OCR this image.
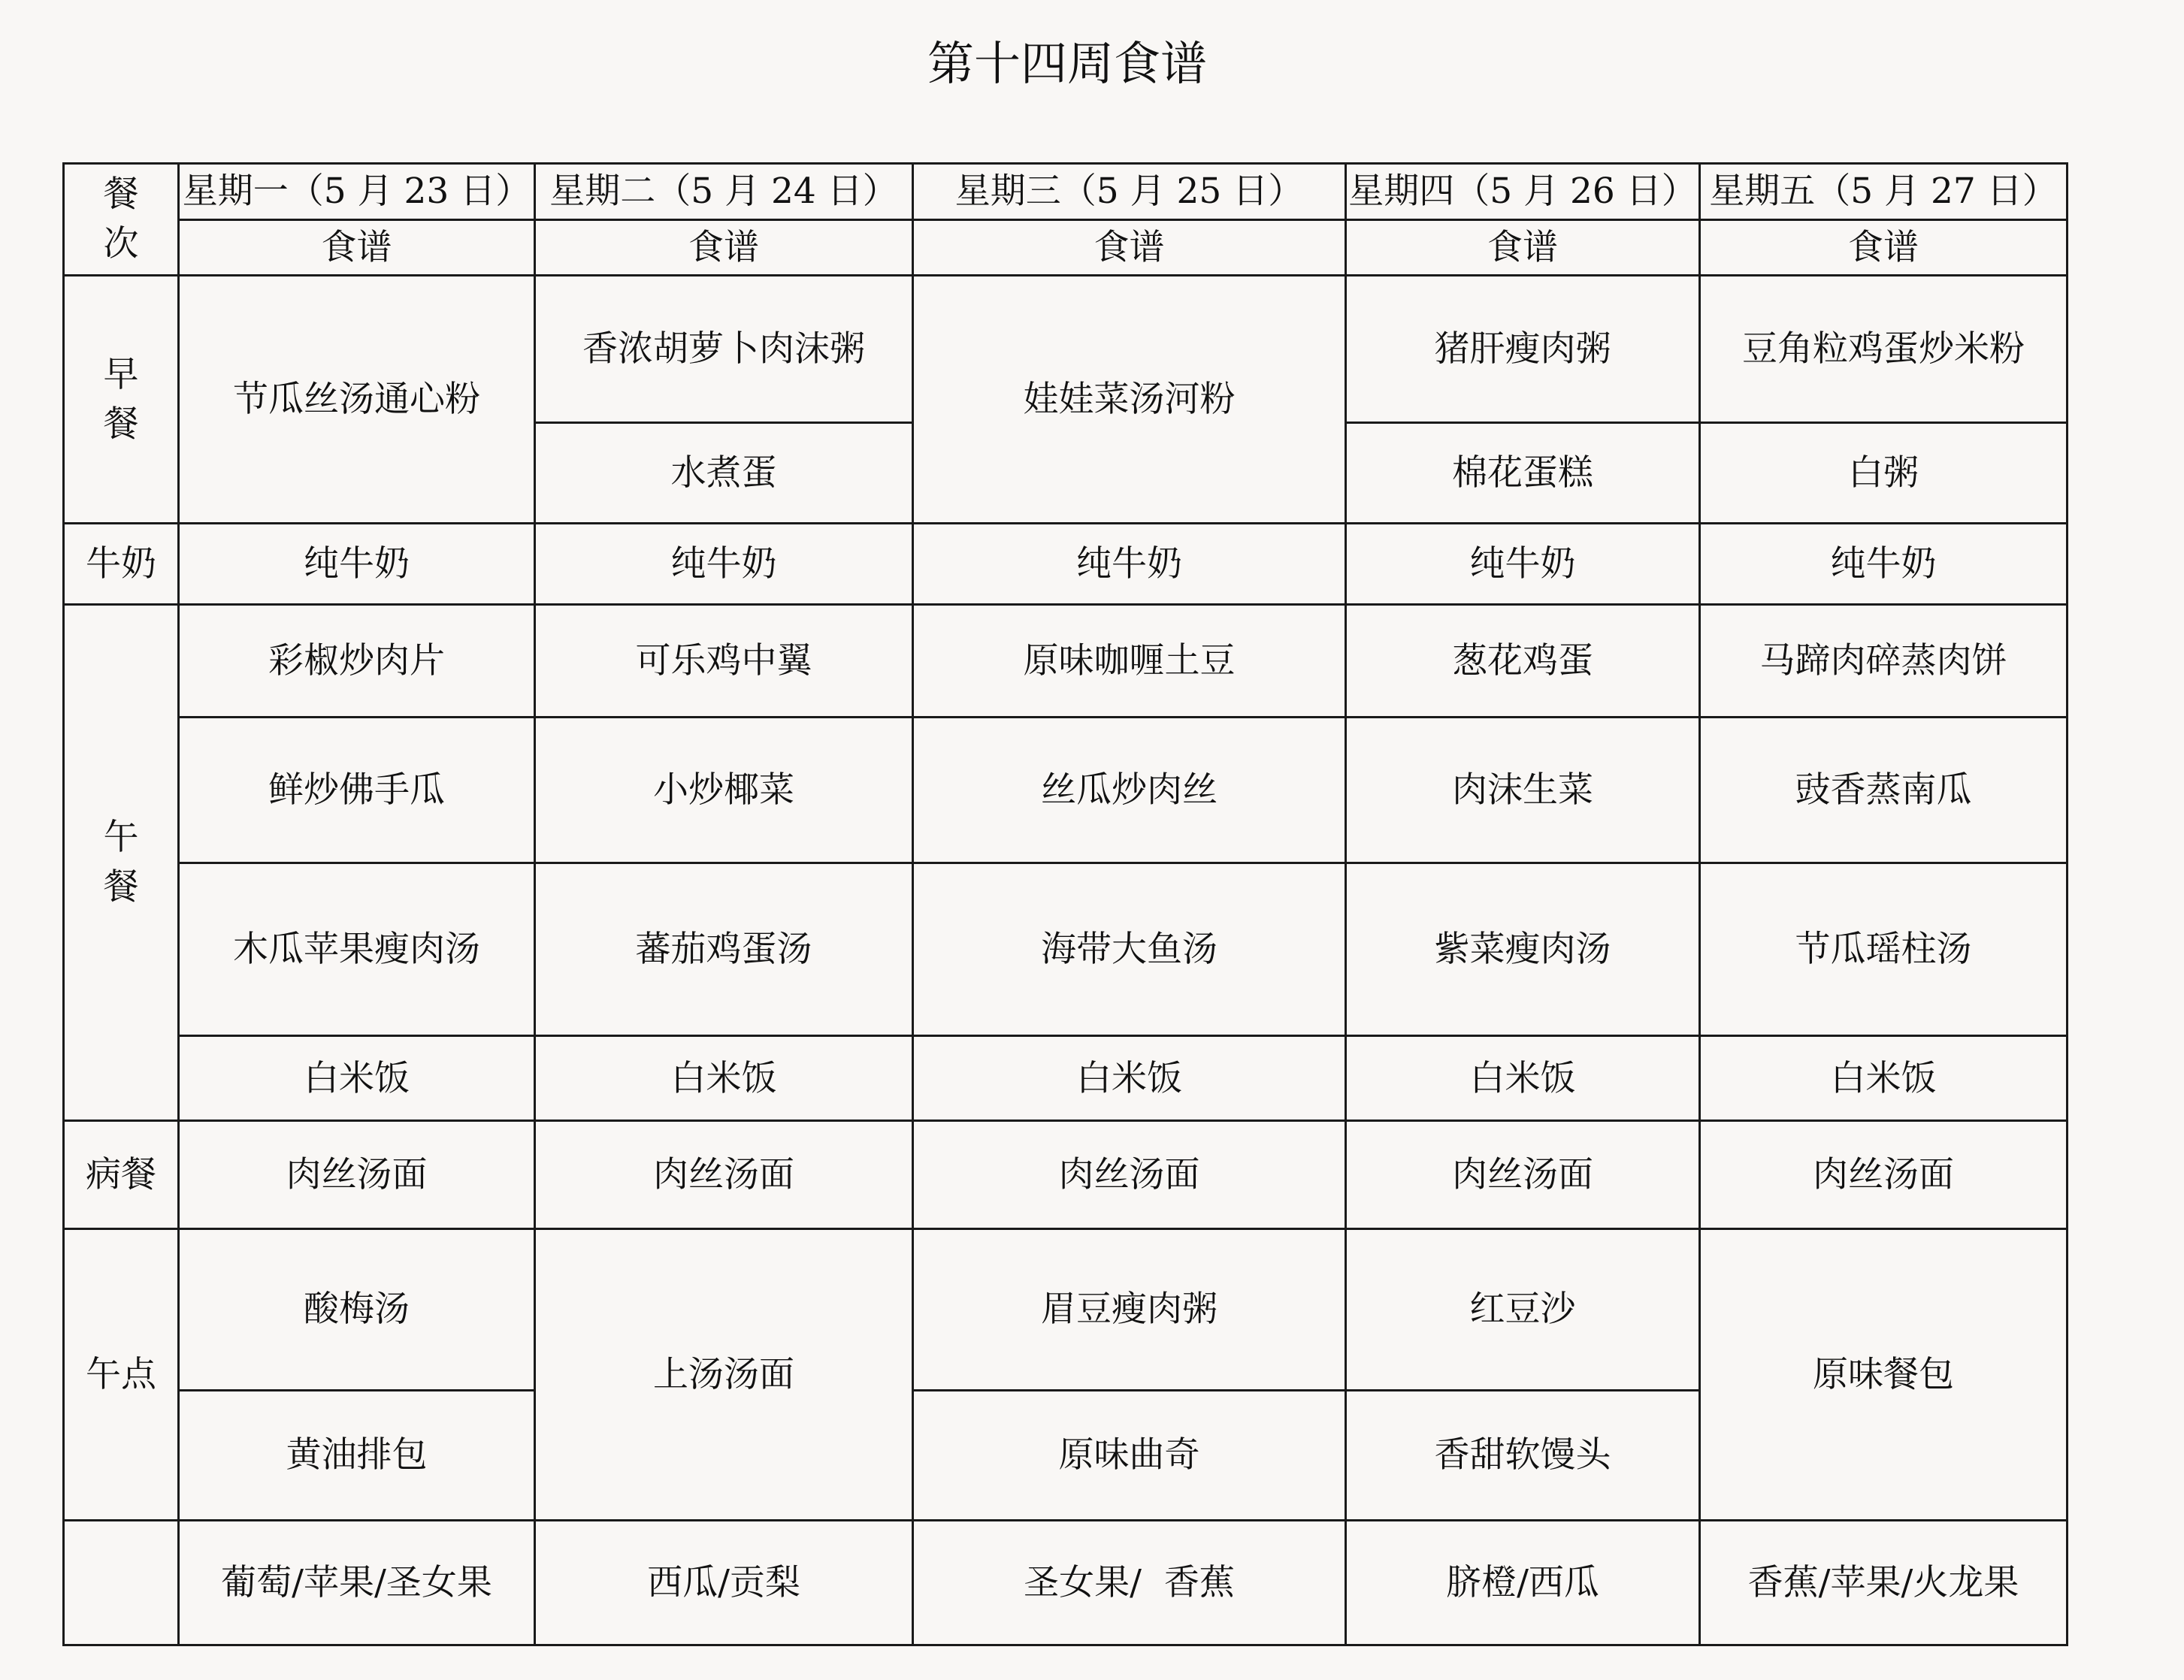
第十四周食谱
餐次	星期一（5 月 23 日）	星期二（5 月 24 日）	星期三（5 月 25 日）	星期四（5 月 26 日）	星期五（5 月 27 日）
	食谱	食谱	食谱	食谱	食谱
早餐	节瓜丝汤通心粉	香浓胡萝卜肉沫粥	娃娃菜汤河粉	猪肝瘦肉粥	豆角粒鸡蛋炒米粉
		水煮蛋		棉花蛋糕	白粥
牛奶	纯牛奶	纯牛奶	纯牛奶	纯牛奶	纯牛奶
午餐	彩椒炒肉片	可乐鸡中翼	原味咖喱土豆	葱花鸡蛋	马蹄肉碎蒸肉饼
	鲜炒佛手瓜	小炒椰菜	丝瓜炒肉丝	肉沫生菜	豉香蒸南瓜
	木瓜苹果瘦肉汤	蕃茄鸡蛋汤	海带大鱼汤	紫菜瘦肉汤	节瓜瑶柱汤
	白米饭	白米饭	白米饭	白米饭	白米饭
病餐	肉丝汤面	肉丝汤面	肉丝汤面	肉丝汤面	肉丝汤面
午点	酸梅汤	上汤汤面	眉豆瘦肉粥	红豆沙	原味餐包
	黄油排包		原味曲奇	香甜软馒头	
	葡萄/苹果/圣女果	西瓜/贡梨	圣女果/  香蕉	脐橙/西瓜	香蕉/苹果/火龙果
